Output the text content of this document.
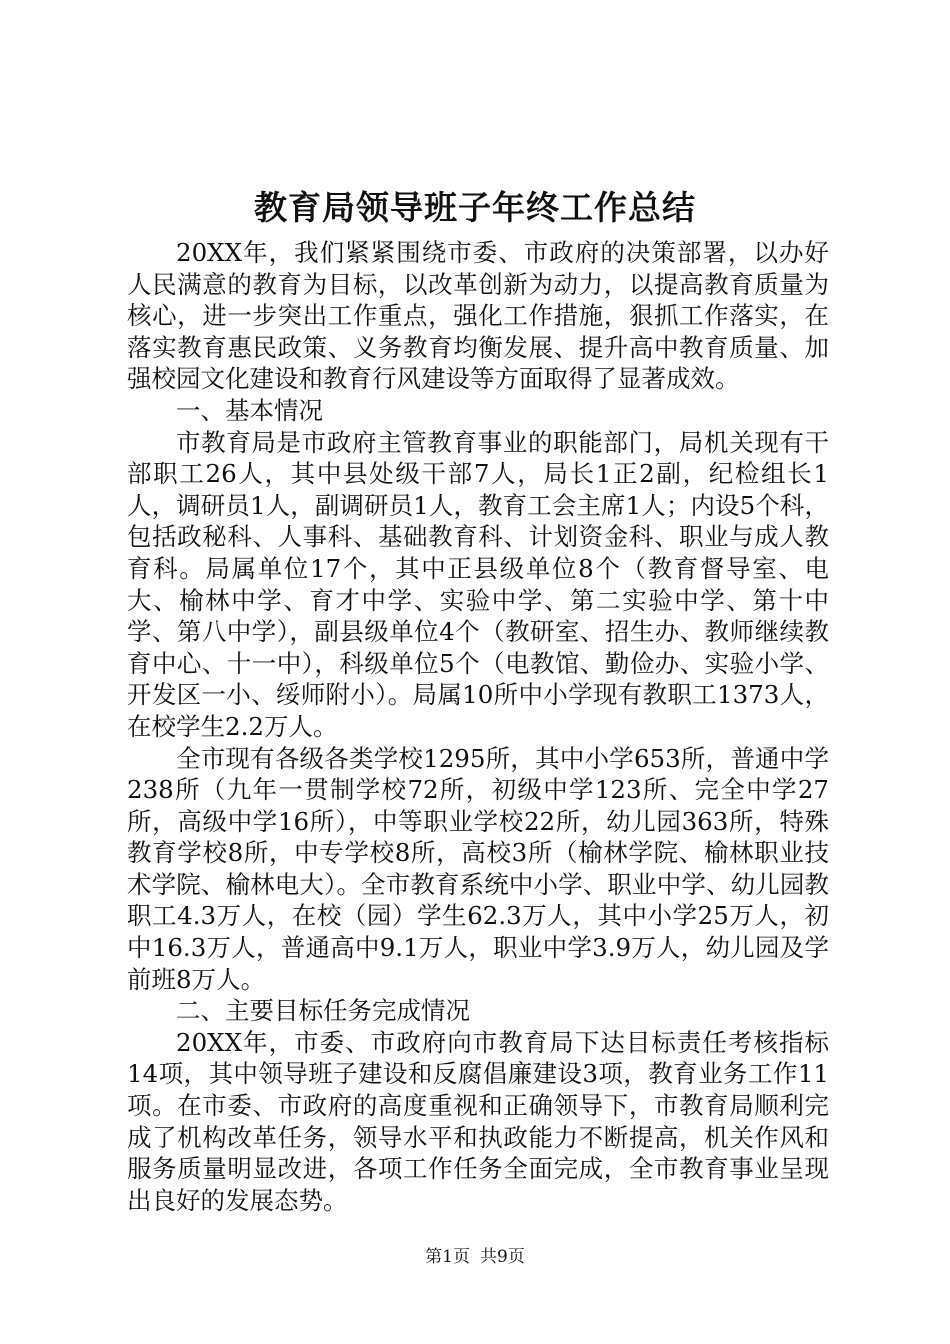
教育局领导班子年终工作总结

20XX年，我们紧紧围绕市委、市政府的决策部署，以办好人民满意的教育为目标，以改革创新为动力，以提高教育质量为核心，进一步突出工作重点，强化工作措施，狠抓工作落实，在落实教育惠民政策、义务教育均衡发展、提升高中教育质量、加强校园文化建设和教育行风建设等方面取得了显著成效。

一、基本情况

市教育局是市政府主管教育事业的职能部门，局机关现有干部职工26人，其中县处级干部7人，局长1正2副，纪检组长1人，调研员1人，副调研员1人，教育工会主席1人；内设5个科，包括政秘科、人事科、基础教育科、计划资金科、职业与成人教育科。局属单位17个，其中正县级单位8个（教育督导室、电大、榆林中学、育才中学、实验中学、第二实验中学、第十中学、第八中学），副县级单位4个（教研室、招生办、教师继续教育中心、十一中），科级单位5个（电教馆、勤俭办、实验小学、开发区一小、绥师附小）。局属10所中小学现有教职工1373人，在校学生2.2万人。

全市现有各级各类学校1295所，其中小学653所，普通中学238所（九年一贯制学校72所，初级中学123所、完全中学27所，高级中学16所），中等职业学校22所，幼儿园363所，特殊教育学校8所，中专学校8所，高校3所（榆林学院、榆林职业技术学院、榆林电大）。全市教育系统中小学、职业中学、幼儿园教职工4.3万人，在校（园）学生62.3万人，其中小学25万人，初中16.3万人，普通高中9.1万人，职业中学3.9万人，幼儿园及学前班8万人。

二、主要目标任务完成情况

20XX年，市委、市政府向市教育局下达目标责任考核指标14项，其中领导班子建设和反腐倡廉建设3项，教育业务工作11项。在市委、市政府的高度重视和正确领导下，市教育局顺利完成了机构改革任务，领导水平和执政能力不断提高，机关作风和服务质量明显改进，各项工作任务全面完成，全市教育事业呈现出良好的发展态势。

第1页 共9页
